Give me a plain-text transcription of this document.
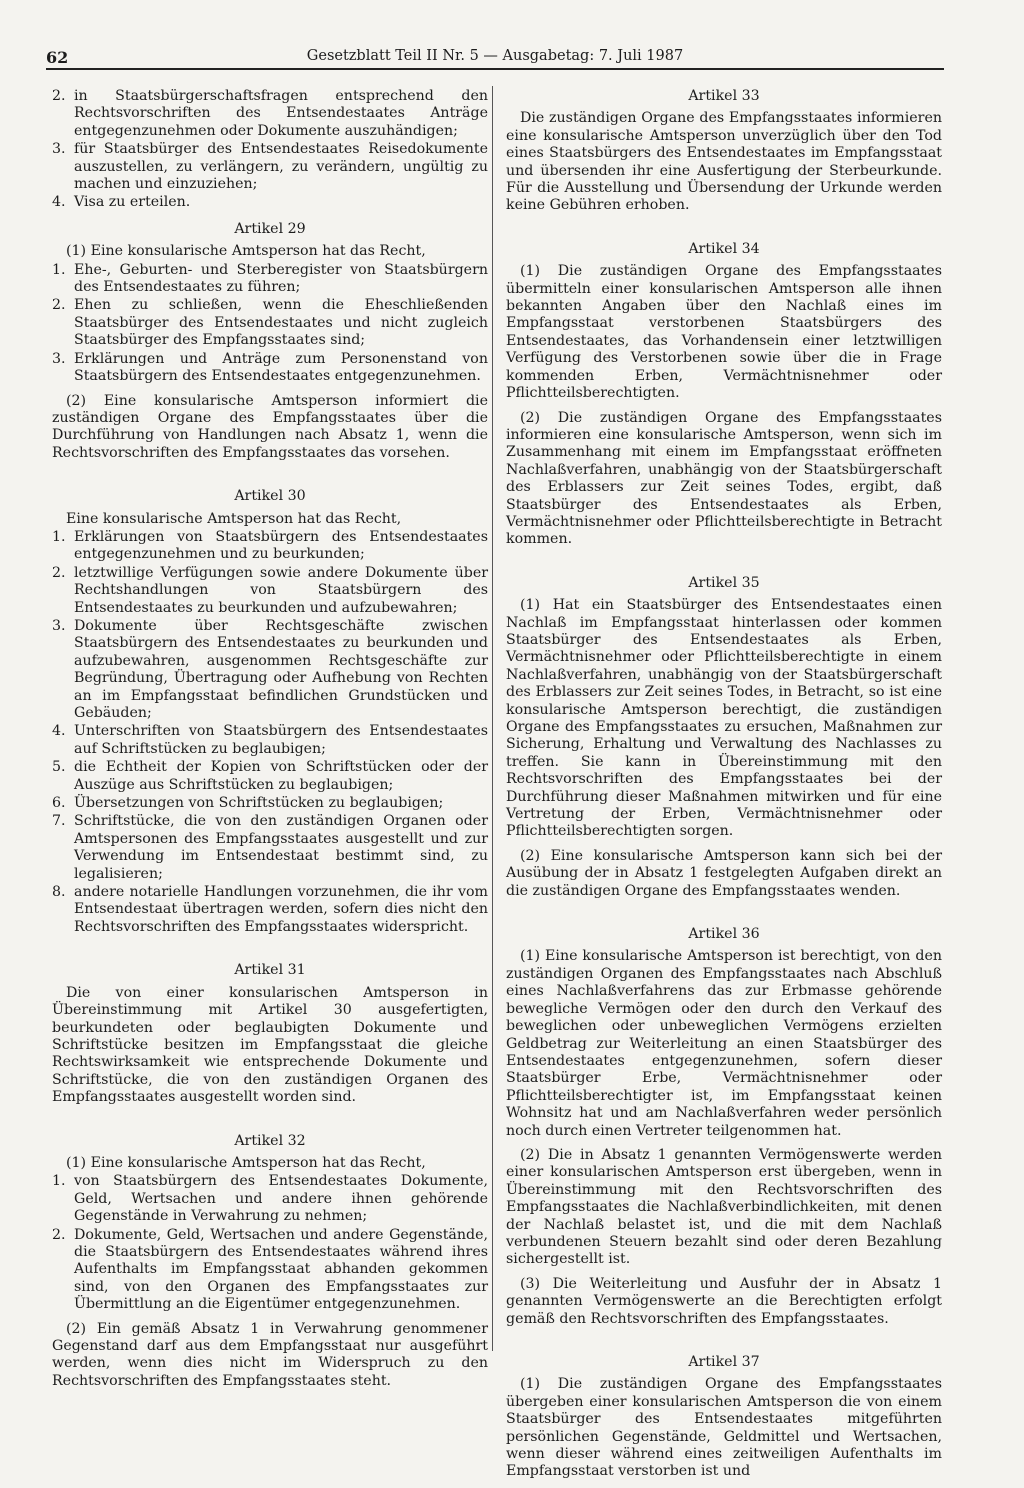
62	Gesetzblatt Teil II Nr. 5 — Ausgabetag: 7. Juli 1987
2. in Staatsbürgerschaftsfragen entsprechend den Rechtsvorschriften des Entsendestaates Anträge entgegenzunehmen oder Dokumente auszuhändigen;
3. für Staatsbürger des Entsendestaates Reisedokumente auszustellen, zu verlängern, zu verändern, ungültig zu machen und einzuziehen;
4. Visa zu erteilen.

Artikel 29

(1) Eine konsularische Amtsperson hat das Recht,

1. Ehe-, Geburten- und Sterberegister von Staatsbürgern des Entsendestaates zu führen;
2. Ehen zu schließen, wenn die Eheschließenden Staatsbürger des Entsendestaates und nicht zugleich Staatsbürger des Empfangsstaates sind;
3. Erklärungen und Anträge zum Personenstand von Staatsbürgern des Entsendestaates entgegenzunehmen.

(2) Eine konsularische Amtsperson informiert die zuständigen Organe des Empfangsstaates über die Durchführung von Handlungen nach Absatz 1, wenn die Rechtsvorschriften des Empfangsstaates das vorsehen.

Artikel 30

Eine konsularische Amtsperson hat das Recht,

1. Erklärungen von Staatsbürgern des Entsendestaates entgegenzunehmen und zu beurkunden;
2. letztwillige Verfügungen sowie andere Dokumente über Rechtshandlungen von Staatsbürgern des Entsendestaates zu beurkunden und aufzubewahren;
3. Dokumente über Rechtsgeschäfte zwischen Staatsbürgern des Entsendestaates zu beurkunden und aufzubewahren, ausgenommen Rechtsgeschäfte zur Begründung, Übertragung oder Aufhebung von Rechten an im Empfangsstaat befindlichen Grundstücken und Gebäuden;
4. Unterschriften von Staatsbürgern des Entsendestaates auf Schriftstücken zu beglaubigen;
5. die Echtheit der Kopien von Schriftstücken oder der Auszüge aus Schriftstücken zu beglaubigen;
6. Übersetzungen von Schriftstücken zu beglaubigen;
7. Schriftstücke, die von den zuständigen Organen oder Amtspersonen des Empfangsstaates ausgestellt und zur Verwendung im Entsendestaat bestimmt sind, zu legalisieren;
8. andere notarielle Handlungen vorzunehmen, die ihr vom Entsendestaat übertragen werden, sofern dies nicht den Rechtsvorschriften des Empfangsstaates widerspricht.

Artikel 31

Die von einer konsularischen Amtsperson in Übereinstimmung mit Artikel 30 ausgefertigten, beurkundeten oder beglaubigten Dokumente und Schriftstücke besitzen im Empfangsstaat die gleiche Rechtswirksamkeit wie entsprechende Dokumente und Schriftstücke, die von den zuständigen Organen des Empfangsstaates ausgestellt worden sind.

Artikel 32

(1) Eine konsularische Amtsperson hat das Recht,

1. von Staatsbürgern des Entsendestaates Dokumente, Geld, Wertsachen und andere ihnen gehörende Gegenstände in Verwahrung zu nehmen;
2. Dokumente, Geld, Wertsachen und andere Gegenstände, die Staatsbürgern des Entsendestaates während ihres Aufenthalts im Empfangsstaat abhanden gekommen sind, von den Organen des Empfangsstaates zur Übermittlung an die Eigentümer entgegenzunehmen.

(2) Ein gemäß Absatz 1 in Verwahrung genommener Gegenstand darf aus dem Empfangsstaat nur ausgeführt werden, wenn dies nicht im Widerspruch zu den Rechtsvorschriften des Empfangsstaates steht.

Artikel 33

Die zuständigen Organe des Empfangsstaates informieren eine konsularische Amtsperson unverzüglich über den Tod eines Staatsbürgers des Entsendestaates im Empfangsstaat und übersenden ihr eine Ausfertigung der Sterbeurkunde. Für die Ausstellung und Übersendung der Urkunde werden keine Gebühren erhoben.

Artikel 34

(1) Die zuständigen Organe des Empfangsstaates übermitteln einer konsularischen Amtsperson alle ihnen bekannten Angaben über den Nachlaß eines im Empfangsstaat verstorbenen Staatsbürgers des Entsendestaates, das Vorhandensein einer letztwilligen Verfügung des Verstorbenen sowie über die in Frage kommenden Erben, Vermächtnisnehmer oder Pflichtteilsberechtigten.

(2) Die zuständigen Organe des Empfangsstaates informieren eine konsularische Amtsperson, wenn sich im Zusammenhang mit einem im Empfangsstaat eröffneten Nachlaßverfahren, unabhängig von der Staatsbürgerschaft des Erblassers zur Zeit seines Todes, ergibt, daß Staatsbürger des Entsendestaates als Erben, Vermächtnisnehmer oder Pflichtteilsberechtigte in Betracht kommen.

Artikel 35

(1) Hat ein Staatsbürger des Entsendestaates einen Nachlaß im Empfangsstaat hinterlassen oder kommen Staatsbürger des Entsendestaates als Erben, Vermächtnisnehmer oder Pflichtteilsberechtigte in einem Nachlaßverfahren, unabhängig von der Staatsbürgerschaft des Erblassers zur Zeit seines Todes, in Betracht, so ist eine konsularische Amtsperson berechtigt, die zuständigen Organe des Empfangsstaates zu ersuchen, Maßnahmen zur Sicherung, Erhaltung und Verwaltung des Nachlasses zu treffen. Sie kann in Übereinstimmung mit den Rechtsvorschriften des Empfangsstaates bei der Durchführung dieser Maßnahmen mitwirken und für eine Vertretung der Erben, Vermächtnisnehmer oder Pflichtteilsberechtigten sorgen.

(2) Eine konsularische Amtsperson kann sich bei der Ausübung der in Absatz 1 festgelegten Aufgaben direkt an die zuständigen Organe des Empfangsstaates wenden.

Artikel 36

(1) Eine konsularische Amtsperson ist berechtigt, von den zuständigen Organen des Empfangsstaates nach Abschluß eines Nachlaßverfahrens das zur Erbmasse gehörende bewegliche Vermögen oder den durch den Verkauf des beweglichen oder unbeweglichen Vermögens erzielten Geldbetrag zur Weiterleitung an einen Staatsbürger des Entsendestaates entgegenzunehmen, sofern dieser Staatsbürger Erbe, Vermächtnisnehmer oder Pflichtteilsberechtigter ist, im Empfangsstaat keinen Wohnsitz hat und am Nachlaßverfahren weder persönlich noch durch einen Vertreter teilgenommen hat.

(2) Die in Absatz 1 genannten Vermögenswerte werden einer konsularischen Amtsperson erst übergeben, wenn in Übereinstimmung mit den Rechtsvorschriften des Empfangsstaates die Nachlaßverbindlichkeiten, mit denen der Nachlaß belastet ist, und die mit dem Nachlaß verbundenen Steuern bezahlt sind oder deren Bezahlung sichergestellt ist.

(3) Die Weiterleitung und Ausfuhr der in Absatz 1 genannten Vermögenswerte an die Berechtigten erfolgt gemäß den Rechtsvorschriften des Empfangsstaates.

Artikel 37

(1) Die zuständigen Organe des Empfangsstaates übergeben einer konsularischen Amtsperson die von einem Staatsbürger des Entsendestaates mitgeführten persönlichen Gegenstände, Geldmittel und Wertsachen, wenn dieser während eines zeitweiligen Aufenthalts im Empfangsstaat verstorben ist und
